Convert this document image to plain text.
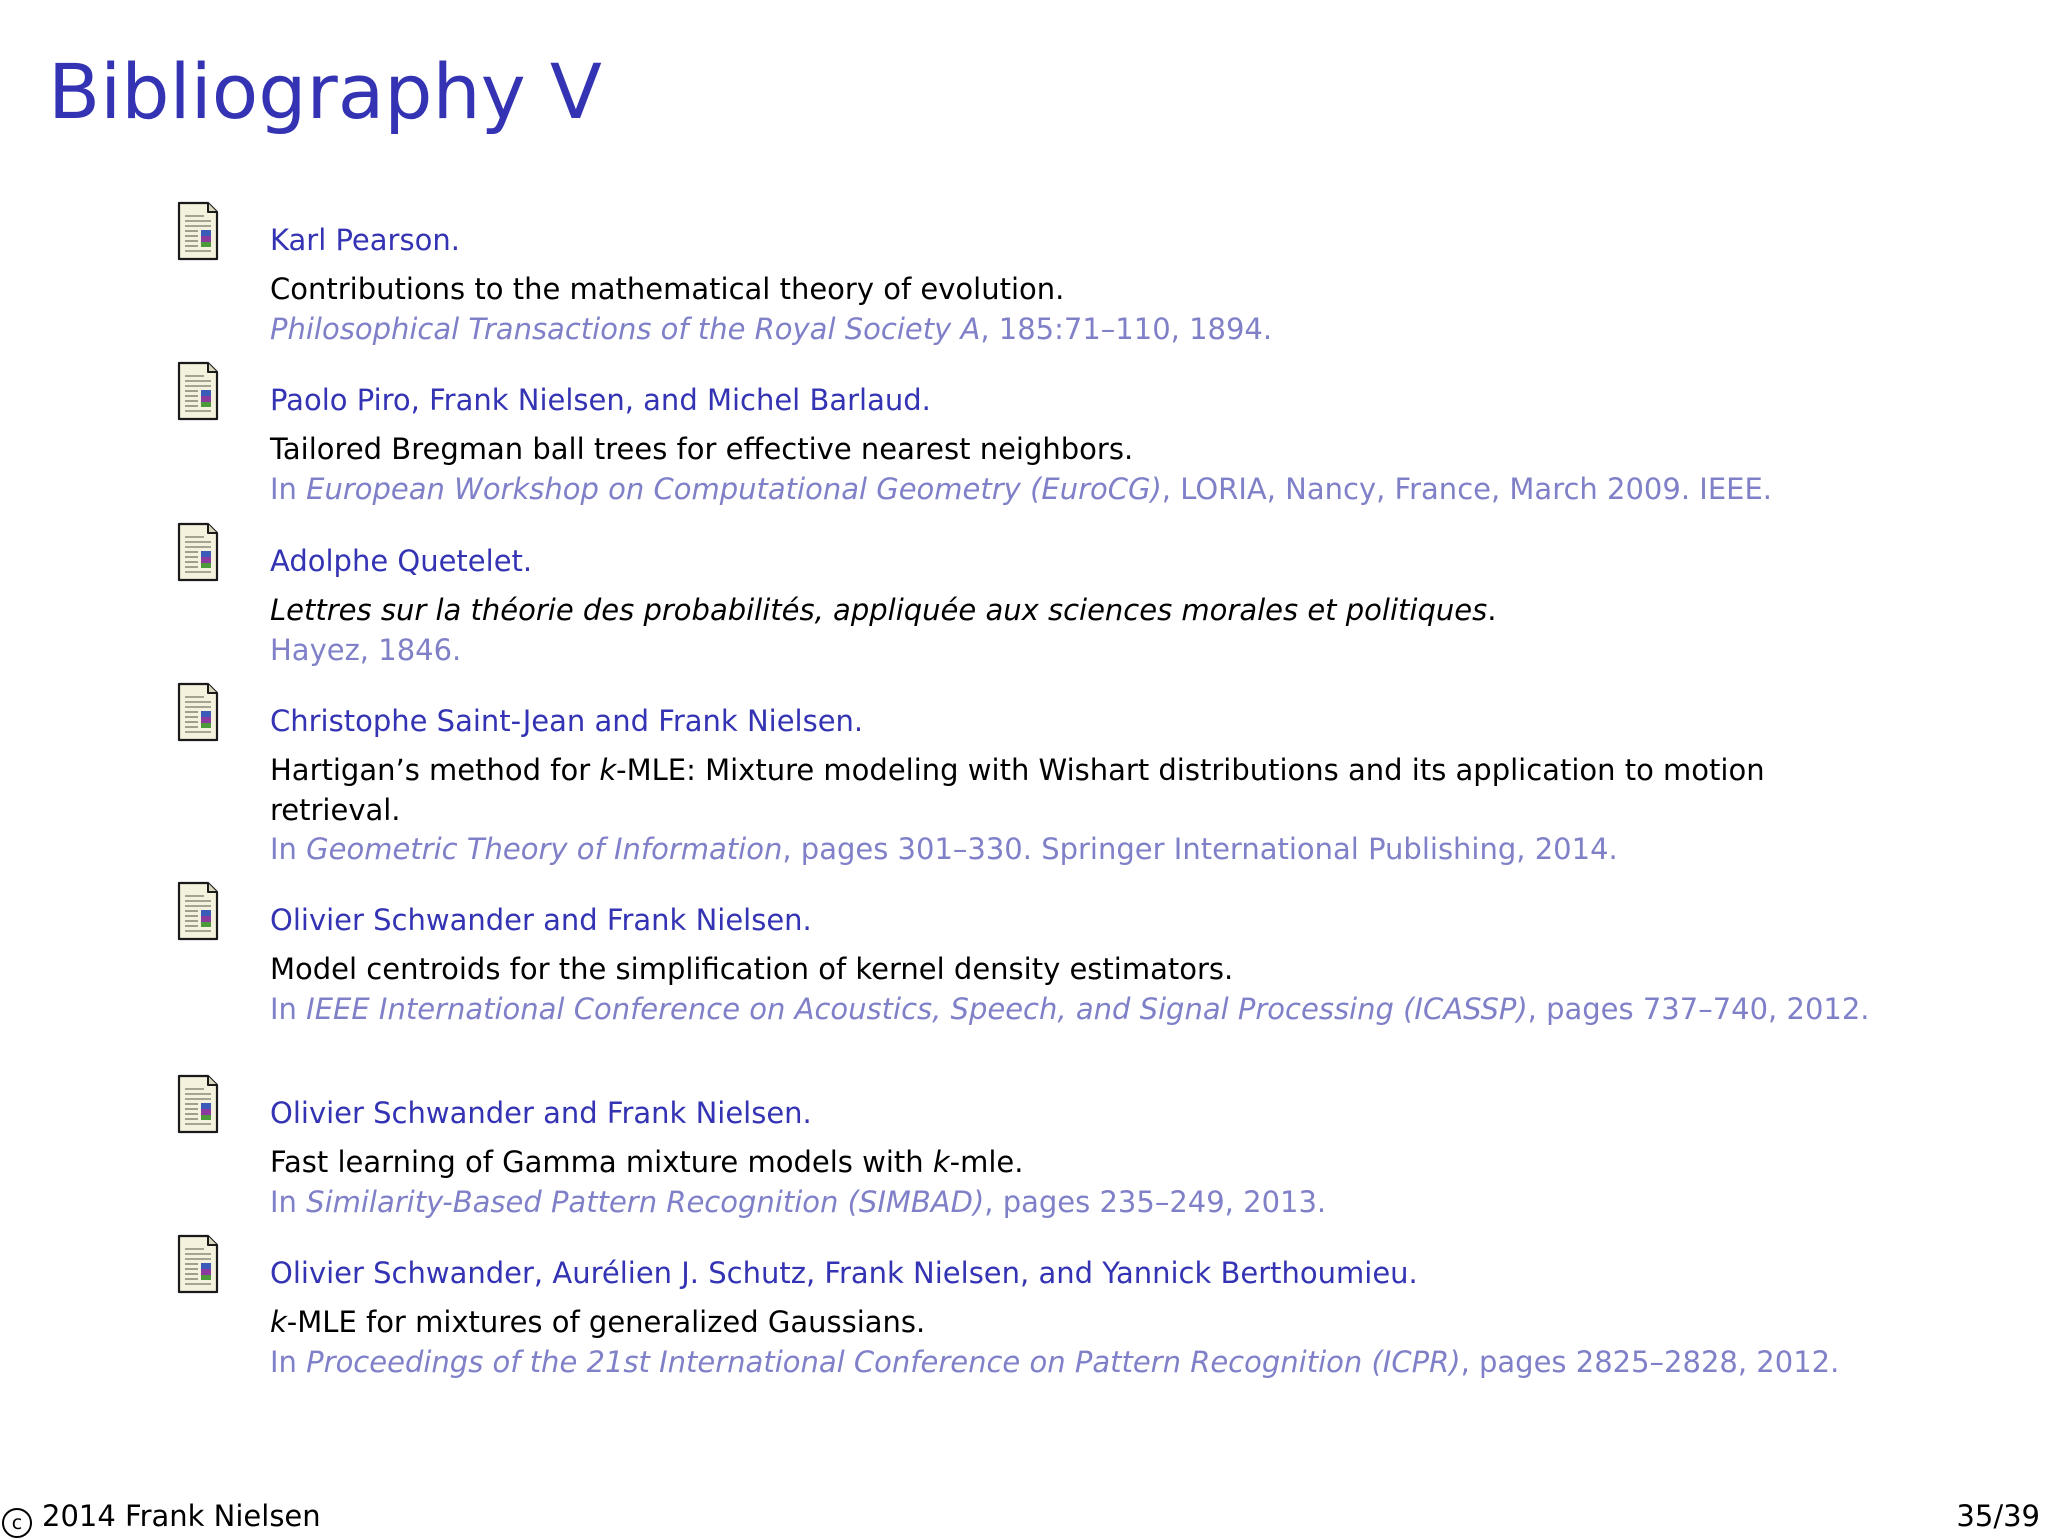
Bibliography V
Karl Pearson.
Contributions to the mathematical theory of evolution.
Philosophical Transactions of the Royal Society A, 185:71–110, 1894.
Paolo Piro, Frank Nielsen, and Michel Barlaud.
Tailored Bregman ball trees for effective nearest neighbors.
In European Workshop on Computational Geometry (EuroCG), LORIA, Nancy, France, March 2009. IEEE.
Adolphe Quetelet.
Lettres sur la théorie des probabilités, appliquée aux sciences morales et politiques.
Hayez, 1846.
Christophe Saint-Jean and Frank Nielsen.
Hartigan’s method for k-MLE: Mixture modeling with Wishart distributions and its application to motion retrieval.
In Geometric Theory of Information, pages 301–330. Springer International Publishing, 2014.
Olivier Schwander and Frank Nielsen.
Model centroids for the simplification of kernel density estimators.
In IEEE International Conference on Acoustics, Speech, and Signal Processing (ICASSP), pages 737–740, 2012.
Olivier Schwander and Frank Nielsen.
Fast learning of Gamma mixture models with k-mle.
In Similarity-Based Pattern Recognition (SIMBAD), pages 235–249, 2013.
Olivier Schwander, Aurélien J. Schutz, Frank Nielsen, and Yannick Berthoumieu.
k-MLE for mixtures of generalized Gaussians.
In Proceedings of the 21st International Conference on Pattern Recognition (ICPR), pages 2825–2828, 2012.
c 2014 Frank Nielsen	35/39
